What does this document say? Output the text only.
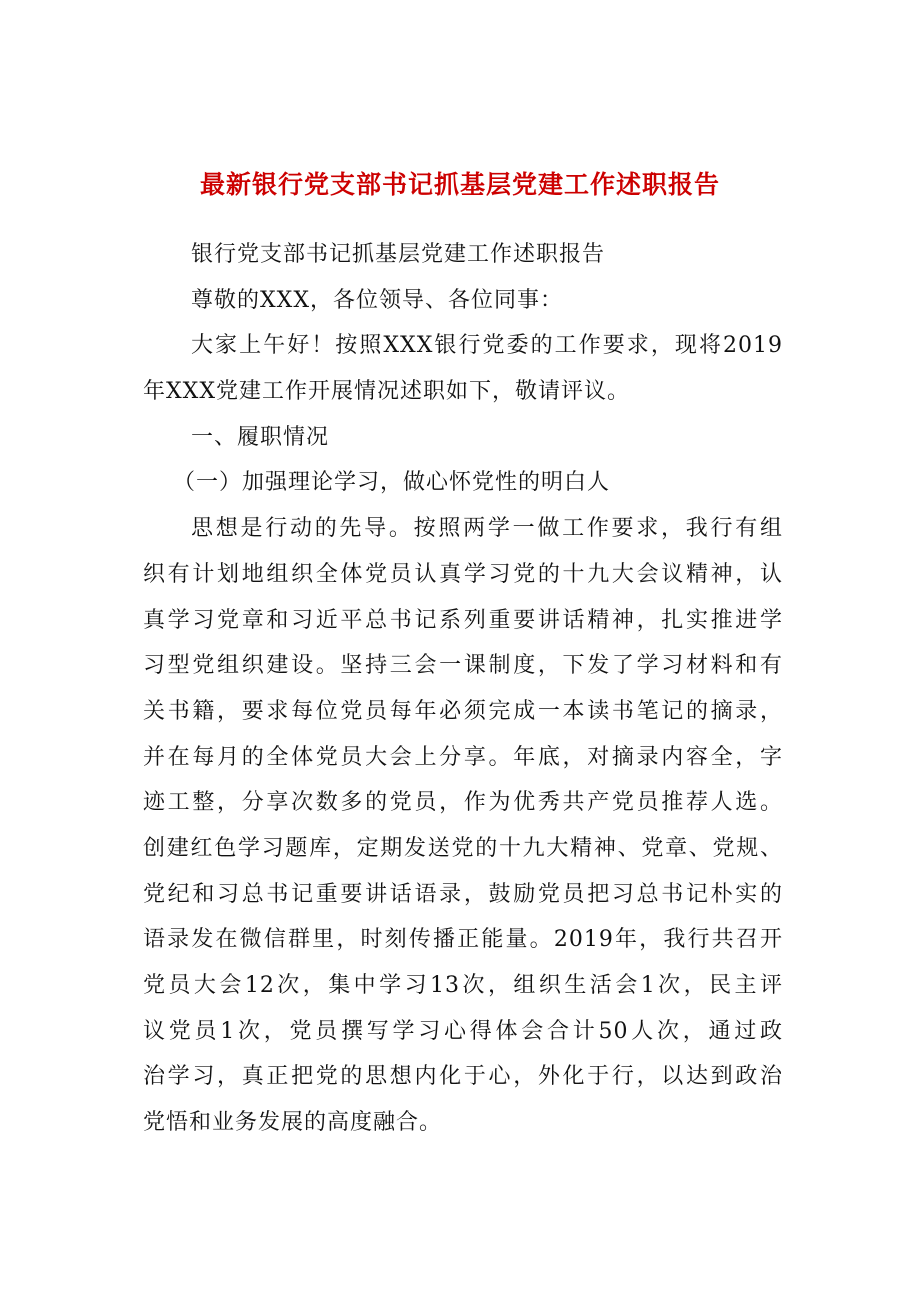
最新银行党支部书记抓基层党建工作述职报告

银行党支部书记抓基层党建工作述职报告

尊敬的XXX，各位领导、各位同事：

大家上午好！按照XXX银行党委的工作要求，现将2019

年XXX党建工作开展情况述职如下，敬请评议。

一、履职情况

（一）加强理论学习，做心怀党性的明白人

思想是行动的先导。按照两学一做工作要求，我行有组

织有计划地组织全体党员认真学习党的十九大会议精神，认

真学习党章和习近平总书记系列重要讲话精神，扎实推进学

习型党组织建设。坚持三会一课制度，下发了学习材料和有

关书籍，要求每位党员每年必须完成一本读书笔记的摘录，

并在每月的全体党员大会上分享。年底，对摘录内容全，字

迹工整，分享次数多的党员，作为优秀共产党员推荐人选。

创建红色学习题库，定期发送党的十九大精神、党章、党规、

党纪和习总书记重要讲话语录，鼓励党员把习总书记朴实的

语录发在微信群里，时刻传播正能量。2019年，我行共召开

党员大会12次，集中学习13次，组织生活会1次，民主评

议党员1次，党员撰写学习心得体会合计50人次，通过政

治学习，真正把党的思想内化于心，外化于行，以达到政治

党悟和业务发展的高度融合。
